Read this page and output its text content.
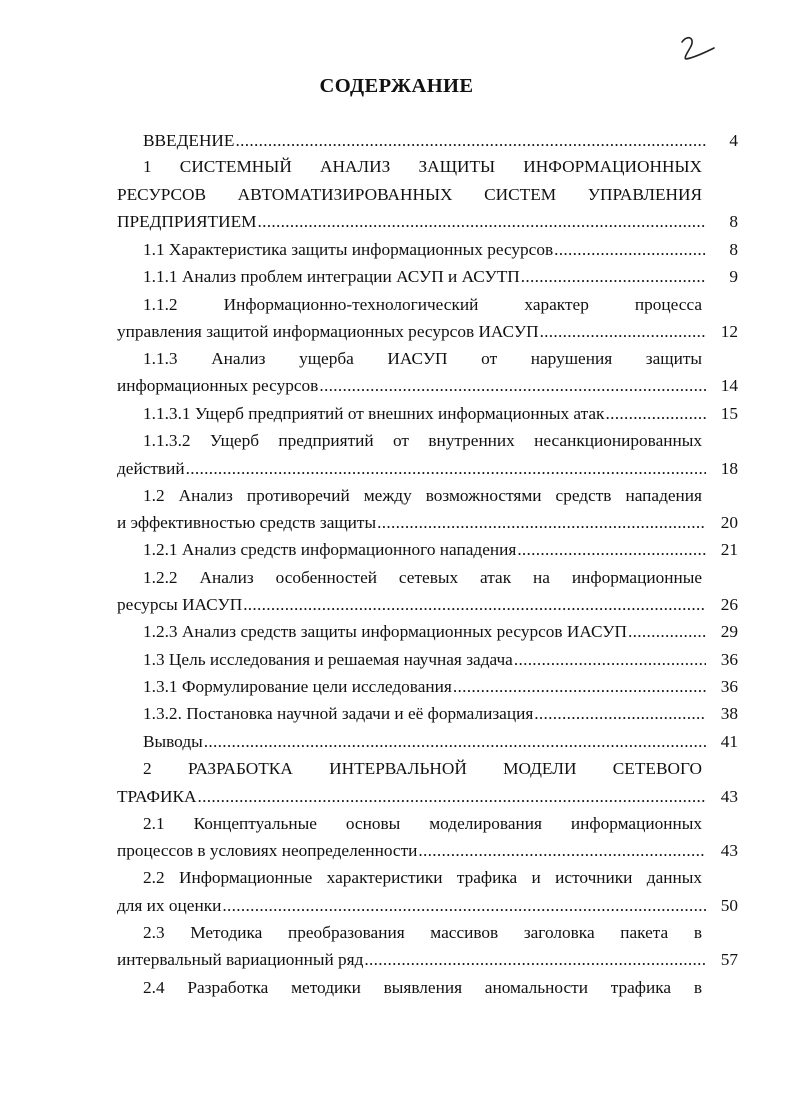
СОДЕРЖАНИЕ
ВВЕДЕНИЕ .....	4
1 СИСТЕМНЫЙ АНАЛИЗ ЗАЩИТЫ ИНФОРМАЦИОННЫХ
РЕСУРСОВ АВТОМАТИЗИРОВАННЫХ СИСТЕМ УПРАВЛЕНИЯ
ПРЕДПРИЯТИЕМ .....	8
1.1 Характеристика защиты информационных ресурсов .....	8
1.1.1 Анализ проблем интеграции АСУП и АСУТП .....	9
1.1.2 Информационно-технологический характер процесса
управления защитой информационных ресурсов ИАСУП .....	12
1.1.3 Анализ ущерба ИАСУП от нарушения защиты
информационных ресурсов .....	14
1.1.3.1 Ущерб предприятий от внешних информационных атак .....	15
1.1.3.2 Ущерб предприятий от внутренних несанкционированных
действий .....	18
1.2 Анализ противоречий между возможностями средств нападения
и эффективностью средств защиты .....	20
1.2.1 Анализ средств информационного нападения .....	21
1.2.2 Анализ особенностей сетевых атак на информационные
ресурсы ИАСУП .....	26
1.2.3 Анализ средств защиты информационных ресурсов ИАСУП .....	29
1.3 Цель исследования и решаемая научная задача .....	36
1.3.1 Формулирование цели исследования .....	36
1.3.2. Постановка научной задачи и её формализация .....	38
Выводы .....	41
2 РАЗРАБОТКА ИНТЕРВАЛЬНОЙ МОДЕЛИ СЕТЕВОГО
ТРАФИКА .....	43
2.1 Концептуальные основы моделирования информационных
процессов в условиях неопределенности .....	43
2.2 Информационные характеристики трафика и источники данных
для их оценки .....	50
2.3 Методика преобразования массивов заголовка пакета в
интервальный вариационный ряд .....	57
2.4 Разработка методики выявления аномальности трафика в
